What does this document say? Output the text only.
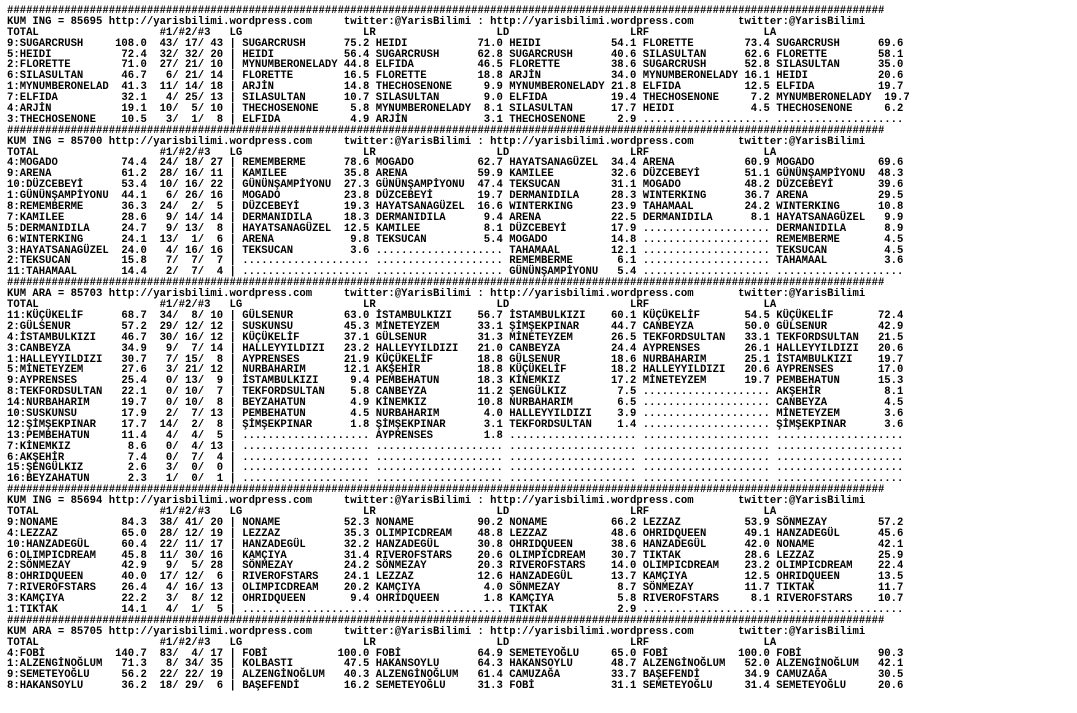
##########################################################################################################################################
KUM ING = 85695 http://yarisbilimi.wordpress.com     twitter:@YarisBilimi : http://yarisbilimi.wordpress.com       twitter:@YarisBilimi
TOTAL                   #1/#2/#3   LG                   LR                   LD                   LRF                  LA
9:SUGARCRUSH     108.0  43/ 17/ 43 | SUGARCRUSH      75.2 HEIDI           71.0 HEIDI           54.1 FLORETTE        73.4 SUGARCRUSH      69.6
5:HEIDI           72.4  32/ 32/ 20 | HEIDI           56.4 SUGARCRUSH      62.8 SUGARCRUSH      40.6 SILASULTAN      62.6 FLORETTE        58.1
2:FLORETTE        71.0  27/ 21/ 10 | MYNUMBERONELADY 44.8 ELFIDA          46.5 FLORETTE        38.6 SUGARCRUSH      52.8 SILASULTAN      35.0
6:SILASULTAN      46.7   6/ 21/ 14 | FLORETTE        16.5 FLORETTE        18.8 ARJİN           34.0 MYNUMBERONELADY 16.1 HEIDI           20.6
1:MYNUMBERONELAD  41.3  11/ 14/ 18 | ARJİN           14.8 THECHOSENONE     9.9 MYNUMBERONELADY 21.8 ELFIDA          12.5 ELFIDA          19.7
7:ELFIDA          32.1   4/ 25/ 13 | SILASULTAN      10.7 SILASULTAN       9.0 ELFIDA          19.4 THECHOSENONE     7.2 MYNUMBERONELADY  19.7
4:ARJİN           19.1  10/  5/ 10 | THECHOSENONE     5.8 MYNUMBERONELADY  8.1 SILASULTAN      17.7 HEIDI            4.5 THECHOSENONE     6.2
3:THECHOSENONE    10.5   3/  1/  8 | ELFIDA           4.9 ARJİN            3.1 THECHOSENONE     2.9 .................... ....................
##########################################################################################################################################
KUM ING = 85700 http://yarisbilimi.wordpress.com     twitter:@YarisBilimi : http://yarisbilimi.wordpress.com       twitter:@YarisBilimi
TOTAL                   #1/#2/#3   LG                   LR                   LD                   LRF                  LA
4:MOGADO          74.4  24/ 18/ 27 | REMEMBERME      78.6 MOGADO          62.7 HAYATSANAGÜZEL  34.4 ARENA           60.9 MOGADO          69.6
9:ARENA           61.2  28/ 16/ 11 | KAMILEE         35.8 ARENA           59.9 KAMILEE         32.6 DÜZCEBEYİ       51.1 GÜNÜNŞAMPİYONU  48.3
10:DÜZCEBEYİ      53.4  10/ 16/ 22 | GÜNÜNŞAMPİYONU  27.3 GÜNÜNŞAMPİYONU  47.4 TEKSUCAN        31.1 MOGADO          48.2 DÜZCEBEYİ       39.6
1:GÜNÜNŞAMPİYONU  44.1   6/ 26/ 16 | MOGADO          23.8 DÜZCEBEYİ       19.7 DERMANIDILA     28.3 WINTERKING      36.7 ARENA           29.5
8:REMEMBERME      36.3  24/  2/  5 | DÜZCEBEYİ       19.3 HAYATSANAGÜZEL  16.6 WINTERKING      23.9 TAHAMAAL        24.2 WINTERKING      10.8
7:KAMILEE         28.6   9/ 14/ 14 | DERMANIDILA     18.3 DERMANIDILA      9.4 ARENA           22.5 DERMANIDILA      8.1 HAYATSANAGÜZEL   9.9
5:DERMANIDILA     24.7   9/ 13/  8 | HAYATSANAGÜZEL  12.5 KAMILEE          8.1 DÜZCEBEYİ       17.9 .................... DERMANIDILA      8.9
6:WINTERKING      24.1  13/  1/  6 | ARENA            9.8 TEKSUCAN         5.4 MOGADO          14.8 .................... REMEMBERME       4.5
3:HAYATSANAGÜZEL  24.0   4/ 16/ 16 | TEKSUCAN         3.6 .................... TAHAMAAL        12.1 .................... TEKSUCAN         4.5
2:TEKSUCAN        15.8   7/  7/  7 | .................... .................... REMEMBERME       6.1 .................... TAHAMAAL         3.6
11:TAHAMAAL       14.4   2/  7/  4 | .................... .................... GÜNÜNŞAMPİYONU   5.4 .................... ....................
##########################################################################################################################################
KUM ARA = 85703 http://yarisbilimi.wordpress.com     twitter:@YarisBilimi : http://yarisbilimi.wordpress.com       twitter:@YarisBilimi
TOTAL                   #1/#2/#3   LG                   LR                   LD                   LRF                  LA
11:KÜÇÜKELİF      68.7  34/  8/ 10 | GÜLSENUR        63.0 İSTAMBULKIZI    56.7 İSTAMBULKIZI    60.1 KÜÇÜKELİF       54.5 KÜÇÜKELİF       72.4
2:GÜLSENUR        57.2  29/ 12/ 12 | SUSKUNSU        45.3 MİNETEYZEM      33.1 ŞİMŞEKPINAR     44.7 CANBEYZA        50.0 GÜLSENUR        42.9
4:İSTAMBULKIZI    46.7  30/ 16/ 12 | KÜÇÜKELİF       37.1 GÜLSENUR        31.3 MİNETEYZEM      26.5 TEKFORDSULTAN   33.1 TEKFORDSULTAN   21.5
3:CANBEYZA        34.9   9/  7/ 14 | HALLEYYILDIZI   23.2 HALLEYYILDIZI   21.0 CANBEYZA        24.4 AYPRENSES       26.1 HALLEYYILDIZI   20.6
1:HALLEYYILDIZI   30.7   7/ 15/  8 | AYPRENSES       21.9 KÜÇÜKELİF       18.8 GÜLSENUR        18.6 NURBAHARIM      25.1 İSTAMBULKIZI    19.7
5:MİNETEYZEM      27.6   3/ 21/ 12 | NURBAHARIM      12.1 AKŞEHİR         18.8 KÜÇÜKELİF       18.2 HALLEYYILDIZI   20.6 AYPRENSES       17.0
9:AYPRENSES       25.4   0/ 13/  9 | İSTAMBULKIZI     9.4 PEMBEHATUN      18.3 KİNEMKIZ        17.2 MİNETEYZEM      19.7 PEMBEHATUN      15.3
8:TEKFORDSULTAN   22.1   0/ 10/  7 | TEKFORDSULTAN    5.8 CANBEYZA        11.2 ŞENGÜLKIZ        7.5 .................... AKŞEHİR          8.1
14:NURBAHARIM     19.7   0/ 10/  8 | BEYZAHATUN       4.9 KİNEMKIZ        10.8 NURBAHARIM       6.5 .................... CANBEYZA         4.5
10:SUSKUNSU       17.9   2/  7/ 13 | PEMBEHATUN       4.5 NURBAHARIM       4.0 HALLEYYILDIZI    3.9 .................... MİNETEYZEM       3.6
12:ŞİMŞEKPINAR    17.7  14/  2/  8 | ŞİMŞEKPINAR      1.8 ŞİMŞEKPINAR      3.1 TEKFORDSULTAN    1.4 .................... ŞİMŞEKPINAR      3.6
13:PEMBEHATUN     11.4   4/  4/  5 | .................... AYPRENSES        1.8 .................... .................... ....................
7:KİNEMKIZ         8.6   0/  4/ 13 | .................... .................... .................... .................... ....................
6:AKŞEHİR          7.4   0/  7/  4 | .................... .................... .................... .................... ....................
15:ŞENGÜLKIZ       2.6   3/  0/  0 | .................... .................... .................... .................... ....................
16:BEYZAHATUN      2.3   1/  0/  1 | .................... .................... .................... .................... ....................
##########################################################################################################################################
KUM ING = 85694 http://yarisbilimi.wordpress.com     twitter:@YarisBilimi : http://yarisbilimi.wordpress.com       twitter:@YarisBilimi
TOTAL                   #1/#2/#3   LG                   LR                   LD                   LRF                  LA
9:NONAME          84.3  38/ 41/ 20 | NONAME          52.3 NONAME          90.2 NONAME          66.2 LEZZAZ          53.9 SÖNMEZAY        57.2
4:LEZZAZ          65.0  28/ 12/ 19 | LEZZAZ          35.3 OLIMPICDREAM    48.8 LEZZAZ          48.6 OHRIDQUEEN      49.1 HANZADEGÜL      45.6
10:HANZADEGÜL     60.4  22/ 11/ 17 | HANZADEGÜL      32.2 HANZADEGÜL      30.8 OHRIDQUEEN      38.6 HANZADEGÜL      42.0 NONAME          42.1
6:OLIMPICDREAM    45.8  11/ 30/ 16 | KAMÇIYA         31.4 RIVEROFSTARS    20.6 OLIMPICDREAM    30.7 TIKTAK          28.6 LEZZAZ          25.9
2:SÖNMEZAY        42.9   9/  5/ 28 | SÖNMEZAY        24.2 SÖNMEZAY        20.3 RIVEROFSTARS    14.0 OLIMPICDREAM    23.2 OLIMPICDREAM    22.4
8:OHRIDQUEEN      40.0  17/ 12/  6 | RIVEROFSTARS    24.1 LEZZAZ          12.6 HANZADEGÜL      13.7 KAMÇIYA         12.5 OHRIDQUEEN      13.5
7:RIVEROFSTARS    26.4   4/ 16/ 13 | OLIMPICDREAM    20.2 KAMÇIYA          4.0 SÖNMEZAY         8.7 SÖNMEZAY        11.7 TIKTAK          11.7
3:KAMÇIYA         22.2   3/  8/ 12 | OHRIDQUEEN       9.4 OHRIDQUEEN       1.8 KAMÇIYA          5.8 RIVEROFSTARS     8.1 RIVEROFSTARS    10.7
1:TIKTAK          14.1   4/  1/  5 | .................... .................... TIKTAK           2.9 .................... ....................
##########################################################################################################################################
KUM ARA = 85705 http://yarisbilimi.wordpress.com     twitter:@YarisBilimi : http://yarisbilimi.wordpress.com       twitter:@YarisBilimi
TOTAL                   #1/#2/#3   LG                   LR                   LD                   LRF                  LA
4:FOBİ           140.7  83/  4/ 17 | FOBİ           100.0 FOBİ            64.9 SEMETEYOĞLU     65.0 FOBİ           100.0 FOBİ            90.3
1:ALZENGİNOĞLUM   71.3   8/ 34/ 35 | KOLBASTI        47.5 HAKANSOYLU      64.3 HAKANSOYLU      48.7 ALZENGİNOĞLUM   52.0 ALZENGİNOĞLUM   42.1
9:SEMETEYOĞLU     56.2  22/ 22/ 19 | ALZENGİNOĞLUM   40.3 ALZENGİNOĞLUM   61.4 CAMUZAĞA        33.7 BAŞEFENDİ       34.9 CAMUZAĞA        30.5
8:HAKANSOYLU      36.2  18/ 29/  6 | BAŞEFENDİ       16.2 SEMETEYOĞLU     31.3 FOBİ            31.1 SEMETEYOĞLU     31.4 SEMETEYOĞLU     20.6
